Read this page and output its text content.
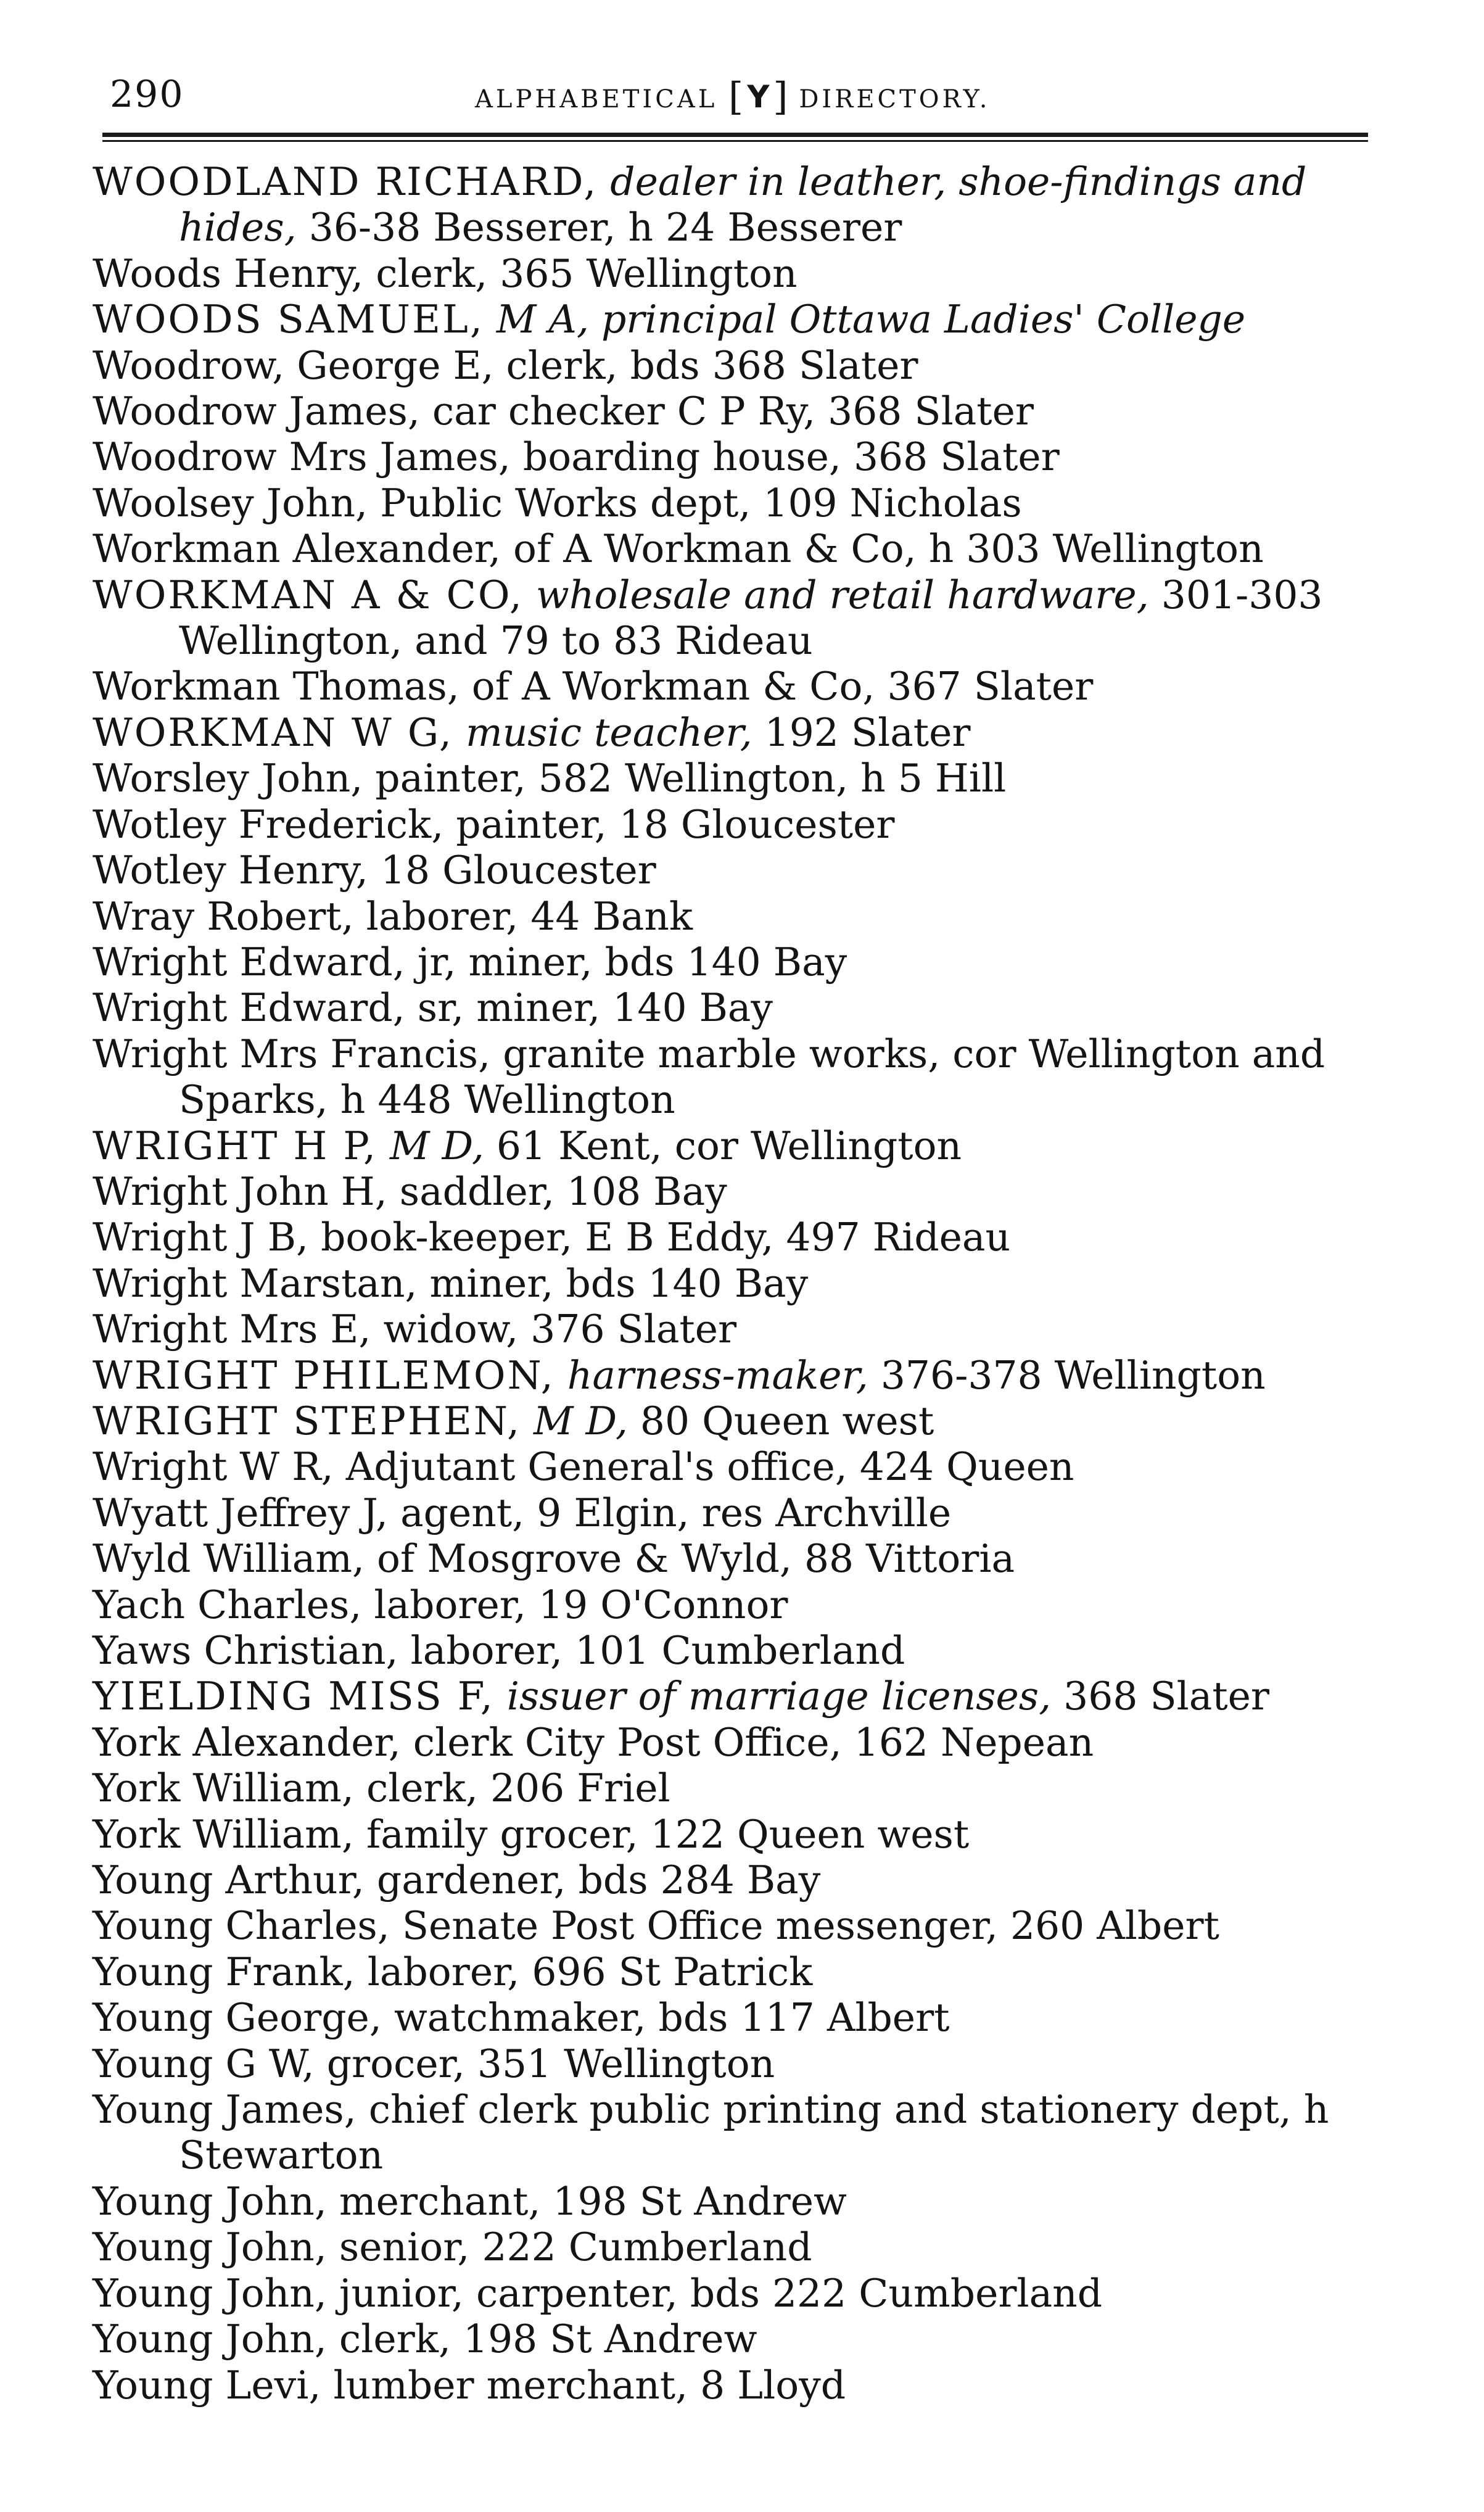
290	ALPHABETICAL [ Y] DIRECTORY.
WOODLAND RICHARD, dealer in leather, shoe-findings and
hides, 36-38 Besserer, h 24 Besserer
Woods Henry, clerk, 365 Wellington
WOODS SAMUEL, M A, principal Ottawa Ladies' College
Woodrow, George E, clerk, bds 368 Slater
Woodrow James, car checker C P Ry, 368 Slater
Woodrow Mrs James, boarding house, 368 Slater
Woolsey John, Public Works dept, 109 Nicholas
Workman Alexander, of A Workman & Co, h 303 Wellington
WORKMAN A & CO, wholesale and retail hardware, 301-303
Wellington, and 79 to 83 Rideau
Workman Thomas, of A Workman & Co, 367 Slater
WORKMAN W G, music teacher, 192 Slater
Worsley John, painter, 582 Wellington, h 5 Hill
Wotley Frederick, painter, 18 Gloucester
Wotley Henry, 18 Gloucester
Wray Robert, laborer, 44 Bank
Wright Edward, jr, miner, bds 140 Bay
Wright Edward, sr, miner, 140 Bay
Wright Mrs Francis, granite marble works, cor Wellington and
Sparks, h 448 Wellington
WRIGHT H P, M D, 61 Kent, cor Wellington
Wright John H, saddler, 108 Bay
Wright J B, book-keeper, E B Eddy, 497 Rideau
Wright Marstan, miner, bds 140 Bay
Wright Mrs E, widow, 376 Slater
WRIGHT PHILEMON, harness-maker, 376-378 Wellington
WRIGHT STEPHEN, M D, 80 Queen west
Wright W R, Adjutant General's office, 424 Queen
Wyatt Jeffrey J, agent, 9 Elgin, res Archville
Wyld William, of Mosgrove & Wyld, 88 Vittoria
Yach Charles, laborer, 19 O'Connor
Yaws Christian, laborer, 101 Cumberland
YIELDING MISS F, issuer of marriage licenses, 368 Slater
York Alexander, clerk City Post Office, 162 Nepean
York William, clerk, 206 Friel
York William, family grocer, 122 Queen west
Young Arthur, gardener, bds 284 Bay
Young Charles, Senate Post Office messenger, 260 Albert
Young Frank, laborer, 696 St Patrick
Young George, watchmaker, bds 117 Albert
Young G W, grocer, 351 Wellington
Young James, chief clerk public printing and stationery dept, h
Stewarton
Young John, merchant, 198 St Andrew
Young John, senior, 222 Cumberland
Young John, junior, carpenter, bds 222 Cumberland
Young John, clerk, 198 St Andrew
Young Levi, lumber merchant, 8 Lloyd
